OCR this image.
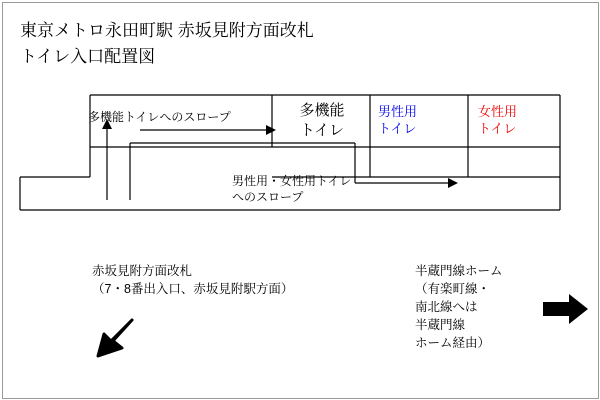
東京メトロ永田町駅 赤坂見附方面改札
トイレ入口配置図
多機能
トイレ
男性用
トイレ
女性用
トイレ
多機能トイレへのスロープ
男性用・女性用トイレ
へのスロープ
赤坂見附方面改札
（7・8番出入口、赤坂見附駅方面）
半蔵門線ホーム
（有楽町線・
南北線へは
半蔵門線
ホーム経由）
